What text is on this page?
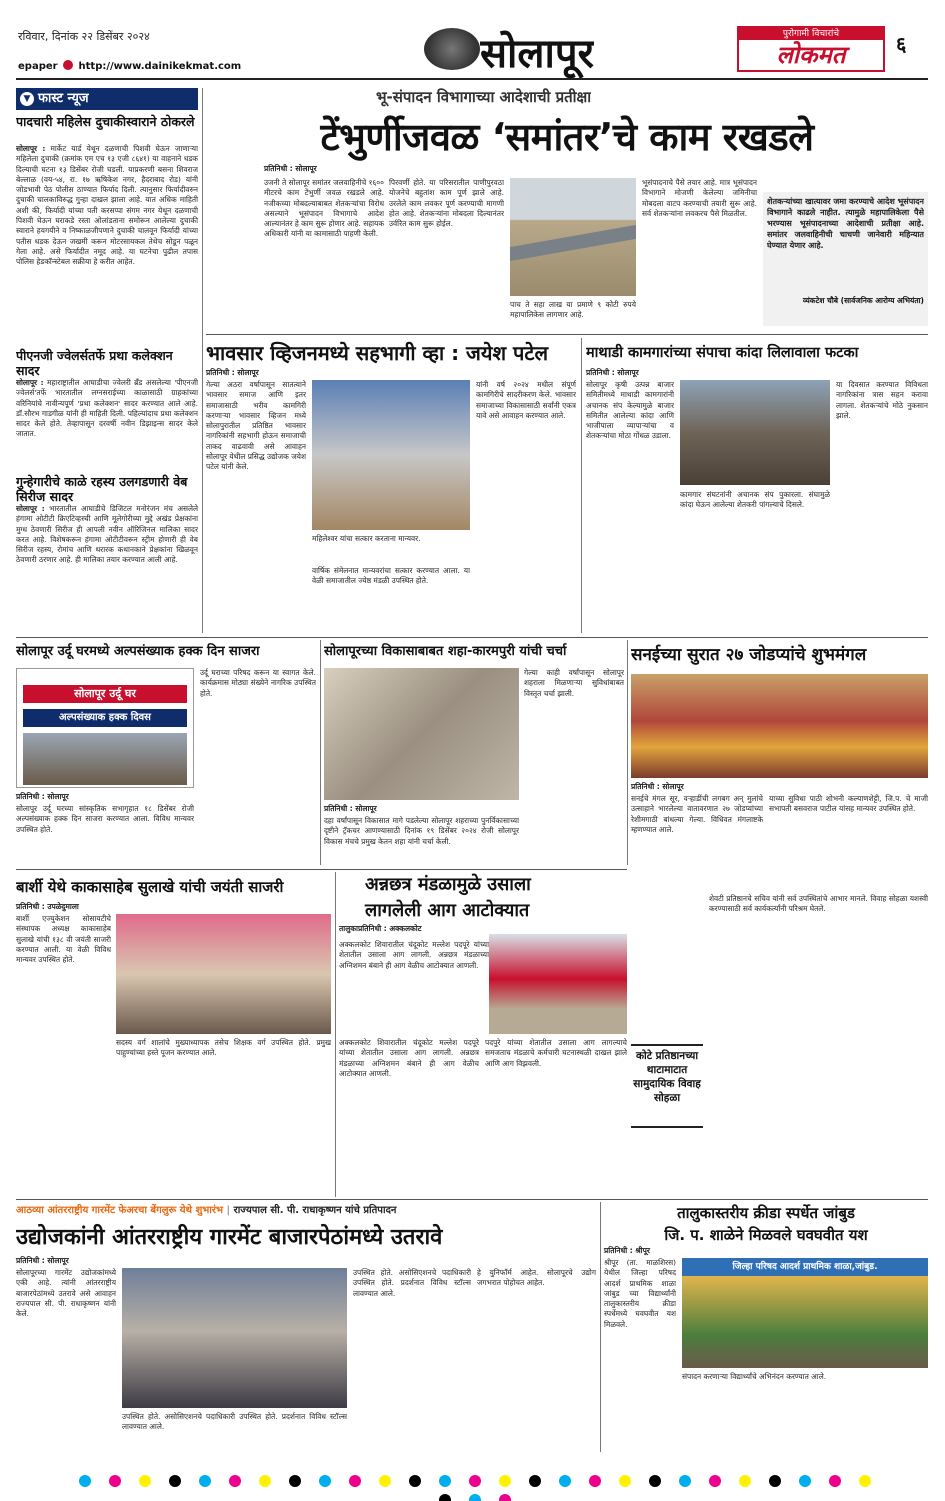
रविवार, दिनांक २२ डिसेंबर २०२४
epaper http://www.dainikekmat.com	सोलापूर	पुरोगामी विचारांचे
लोकमत	६
▼ फास्ट न्यूज
पादचारी महिलेस दुचाकीस्वाराने ठोकरले
सोलापूर : मार्केट यार्ड येथून दळणाची पिशवी घेऊन जाणाऱ्या महिलेला दुचाकी (क्रमांक एम एच १३ एजी ८६४१) या वाहनाने धडक दिल्याची घटना १३ डिसेंबर रोजी घडली. याप्रकरणी बसना शिवराज बेल्लाळ (वय-५४, रा. १७ ऋषिकेश नगर, हैदराबाद रोड) यांनी जोडभावी पेठ पोलीस ठाण्यात फिर्याद दिली. त्यानुसार फिर्यादीवरुन दुचाकी चालकाविरुद्ध गुन्हा दाखल झाला आहे. यात अधिक माहिती अशी की, फिर्यादी यांच्या पती करसप्पा संगम नगर येथून दळणाची पिशवी घेऊन घराकडे रस्ता ओलांडताना समोरून आलेल्या दुचाकी स्वाराने हयगयीने व निष्काळजीपणाने दुचाकी चालवून फिर्यादी यांच्या पतीस धडक देऊन जखमी करून मोटरसायकल तेथेच सोडून पळून गेला आहे. असे फिर्यादीत नमूद आहे. या घटनेचा पुढील तपास पोलिस हेडकॉन्स्टेबल सक्रीया हे करीत आहेत.
पीएनजी ज्वेलर्सतर्फे प्रथा कलेक्शन सादर
सोलापूर : महाराष्ट्रातील आघाडीचा ज्वेलरी ब्रँड असलेल्या 'पीएनजी ज्वेलर्स'तर्फे भारतातील लग्नसराईच्या काळासाठी ग्राहकांच्या वरिनियांचे नावीन्यपूर्ण 'प्रथा कलेक्शन' सादर करण्यात आले आहे. डॉ.सौरभ गाडगीळ यांनी ही माहिती दिली. पहिल्यांदाच प्रथा कलेक्शन सादर केले होते. तेव्हापासून दरवर्षी नवीन डिझाइन्स सादर केले जातात.
गुन्हेगारीचे काळे रहस्य उलगडणारी वेब सिरीज सादर
सोलापूर : भारतातील आघाडीचे डिजिटल मनोरंजन मंच असलेले हंगामा ओटीटी क्रिएटिव्हस्ची आणि मूलेगोरीच्या मुद्दे अखंड प्रेक्षकांना मुग्ध ठेवणारी सिरीज ही आपली नवीन ऑरिजिनल मालिका सादर करत आहे. विशेषकरून हंगामा ओटीटीवरून स्ट्रीम होणारी ही वेब सिरीज रहस्य, रोमांच आणि थरारक कथानकाने प्रेक्षकांना खिळवून ठेवणारी ठरणार आहे. ही मालिका तयार करण्यात आली आहे.
भू-संपादन विभागाच्या आदेशाची प्रतीक्षा
टेंभुर्णीजवळ ‘समांतर’चे काम रखडले
प्रतिनिधी : सोलापूर
उजनी ते सोलापूर समांतर जलवाहिनीचे १६०० मीटरचे काम टेंभुर्णी जवळ रखडले आहे. नजीकच्या मोबदल्याबाबत शेतकऱ्यांचा विरोध असल्याने भूसंपादन विभागाचे आदेश आल्यानंतर हे काम सुरू होणार आहे. सहायक अधिकारी यांनी या कामासाठी पाहणी केली.
पिरवर्णी होते. या परिसरातील पाणीपुरवठा योजनेचे बहुतांश काम पूर्ण झाले आहे. उरलेले काम लवकर पूर्ण करण्याची मागणी होत आहे. शेतकऱ्यांना मोबदला दिल्यानंतर उर्वरित काम सुरू होईल.
पाच ते सहा लाख या प्रमाणे ९ कोटी रुपये महापालिकेस लागणार आहे.
भूसंपादनाचे पैसे तयार आहे. मात्र भूसंपादन विभागाने मोजणी केलेल्या जमिनीचा मोबदला वाटप करण्याची तयारी सुरू आहे. सर्व शेतकऱ्यांना लवकरच पैसे मिळतील.
शेतकऱ्यांच्या खात्यावर जमा करण्याचे आदेश भूसंपादन विभागाने काढले नाहीत. त्यामुळे महापालिकेला पैसे भरण्यास भूसंपादनाच्या आदेशाची प्रतीक्षा आहे. समांतर जलवाहिनीची चाचणी जानेवारी महिन्यात घेण्यात येणार आहे.
व्यंकटेश चौबे (सार्वजनिक आरोग्य अभियंता)
भावसार व्हिजनमध्ये सहभागी व्हा : जयेश पटेल
प्रतिनिधी : सोलापूर
गेल्या अठरा वर्षापासून सातत्याने भावसार समाज आणि इतर समाजासाठी भरीव कामगिरी करणाऱ्या भावसार व्हिजन मध्ये सोलापुरातील प्रतिष्ठित भावसार नागरिकांनी सहभागी होऊन समाजाची ताकद वाढवावी असे आवाहन सोलापूर येथील प्रसिद्ध उद्योजक जयेश पटेल यांनी केले.
महिलेश्वर यांचा सत्कार करताना मान्यवर.
वार्षिक संमेलनात मान्यवरांचा सत्कार करण्यात आला. या वेळी समाजातील ज्येष्ठ मंडळी उपस्थित होते.
यांनी वर्ष २०२४ मधील संपूर्ण कामगिरीचे सादरीकरण केले. भावसार समाजाच्या विकासासाठी सर्वांनी एकत्र यावे असे आवाहन करण्यात आले.
माथाडी कामगारांच्या संपाचा कांदा लिलावाला फटका
प्रतिनिधी : सोलापूर
सोलापूर कृषी उत्पन्न बाजार समितीमध्ये माथाडी कामगारांनी अचानक संप केल्यामुळे बाजार समितीत आलेल्या कांदा आणि भाजीपाला व्यापाऱ्यांचा व शेतकऱ्यांचा मोठा गोंधळ उडाला.
कामगार संघटनांनी अचानक संप पुकारला. संघामुळे कांदा घेऊन आलेल्या शेतकरी पांगल्याचे दिसले.
या दिवसात करण्यात विविधता नागरिकांना त्रास सहन करावा लागला. शेतकऱ्यांचे मोठे नुकसान झाले.
सोलापूर उर्दू घरमध्ये अल्पसंख्याक हक्क दिन साजरा
सोलापूर उर्दू घर
अल्पसंख्याक हक्क दिवस
उर्दू घराच्या परिषद करून या स्वागत केले. कार्यक्रमास मोठ्या संख्येने नागरिक उपस्थित होते.
प्रतिनिधी : सोलापूर
सोलापूर उर्दू घरच्या सांस्कृतिक सभागृहात १८ डिसेंबर रोजी अल्पसंख्याक हक्क दिन साजरा करण्यात आला. विविध मान्यवर उपस्थित होते.
सोलापूरच्या विकासाबाबत शहा-कारमपुरी यांची चर्चा
गेल्या काही वर्षांपासून सोलापूर शहराला मिळणाऱ्या सुविधांबाबत विस्तृत चर्चा झाली.
प्रतिनिधी : सोलापूर
दहा वर्षांपासून विकासात मागे पडलेल्या सोलापूर शहराच्या पुनर्विकासाच्या दृष्टीने ट्रॅकचर आणण्यासाठी दिनांक १९ डिसेंबर २०२४ रोजी सोलापूर विकास मंचचे प्रमुख केतन शहा यांनी चर्चा केली.
सनईच्या सुरात २७ जोडप्यांचे शुभमंगल
प्रतिनिधी : सोलापूर
सनईचे मंगल सूर, वऱ्हाडींची लगबग अन् मुलांचे उत्साहाने भारलेल्या वातावरणात २७ जोडप्यांच्या रेशीमगाठी बांधल्या गेल्या. विधिवत मंगलाष्टके म्हणण्यात आले.
याच्या सुविधा पाठी शोभनी कल्याणशेट्टी, जि.प. चे माजी सभापती बसवराज पाटील यांसह मान्यवर उपस्थित होते.
कोटे प्रतिष्ठानच्या थाटामाटात सामुदायिक विवाह सोहळा
शेवटी प्रतिष्ठानचे सचिव यांनी सर्व उपस्थितांचे आभार मानले. विवाह सोहळा यशस्वी करण्यासाठी सर्व कार्यकर्त्यांनी परिश्रम घेतले.
बार्शी येथे काकासाहेब सुलाखे यांची जयंती साजरी
प्रतिनिधी : उपळेदुमाला
बार्शी एज्युकेशन सोसायटीचे संस्थापक अध्यक्ष काकासाहेब सुलाखे यांची १३८ वी जयंती साजरी करण्यात आली. या वेळी विविध मान्यवर उपस्थित होते.
सदस्य वर्ग शालांचे मुख्याध्यापक तसेच शिक्षक वर्ग उपस्थित होते. प्रमुख पाहुण्यांच्या हस्ते पूजन करण्यात आले.
अन्नछत्र मंडळामुळे उसाला
लागलेली आग आटोक्यात
तालुकाप्रतिनिधी : अक्कलकोट
अक्कलकोट शिवारातील चंदूकोट मल्लेश पदपूरे यांच्या शेतातील उसाला आग लागली. अन्नछत्र मंडळाच्या अग्निशमन बंबाने ही आग वेळीच आटोक्यात आणली.
अक्कलकोट शिवारातील चंदूकोट मल्लेश पदपूरे यांच्या शेतातील उसाला आग लागली. अन्नछत्र मंडळाच्या अग्निशमन बंबाने ही आग वेळीच आटोक्यात आणली.
पदपुरे यांच्या शेतातील उसाला आग लागल्याचे समजताच मंडळाचे कर्मचारी घटनास्थळी दाखल झाले आणि आग विझवली.
आठव्या आंतरराष्ट्रीय गारमेंट फेअरचा बेंगलुरू येथे शुभारंभ | राज्यपाल सी. पी. राधाकृष्णन यांचे प्रतिपादन
उद्योजकांनी आंतरराष्ट्रीय गारमेंट बाजारपेठांमध्ये उतरावे
प्रतिनिधी : सोलापूर
सोलापूरच्या गारमेंट उद्योजकांमध्ये एकी आहे. त्यांनी आंतरराष्ट्रीय बाजारपेठांमध्ये उतरावे असे आवाहन राज्यपाल सी. पी. राधाकृष्णन यांनी केले.
उपस्थित होते. असोसिएशनचे पदाधिकारी उपस्थित होते. प्रदर्शनात विविध स्टॉल्स लावण्यात आले.
उपस्थित होते. असोसिएशनचे पदाधिकारी उपस्थित होते. प्रदर्शनात विविध स्टॉल्स लावण्यात आले.
हे युनिफॉर्म आहेत. सोलापूरचे उद्योग जगभरात पोहोचत आहेत.
तालुकास्तरीय क्रीडा स्पर्धेत जांबुड
जि. प. शाळेने मिळवले घवघवीत यश
प्रतिनिधी : श्रीपूर
श्रीपूर (ता. माळशिरस) येथील जिल्हा परिषद आदर्श प्राथमिक शाळा जांबुड च्या विद्यार्थ्यांनी तालुकास्तरीय क्रीडा स्पर्धेमध्ये घवघवीत यश मिळवले.
जिल्हा परिषद आदर्श प्राथमिक शाळा,जांबुड.
संपादन करणाऱ्या विद्यार्थ्यांचे अभिनंदन करण्यात आले.
